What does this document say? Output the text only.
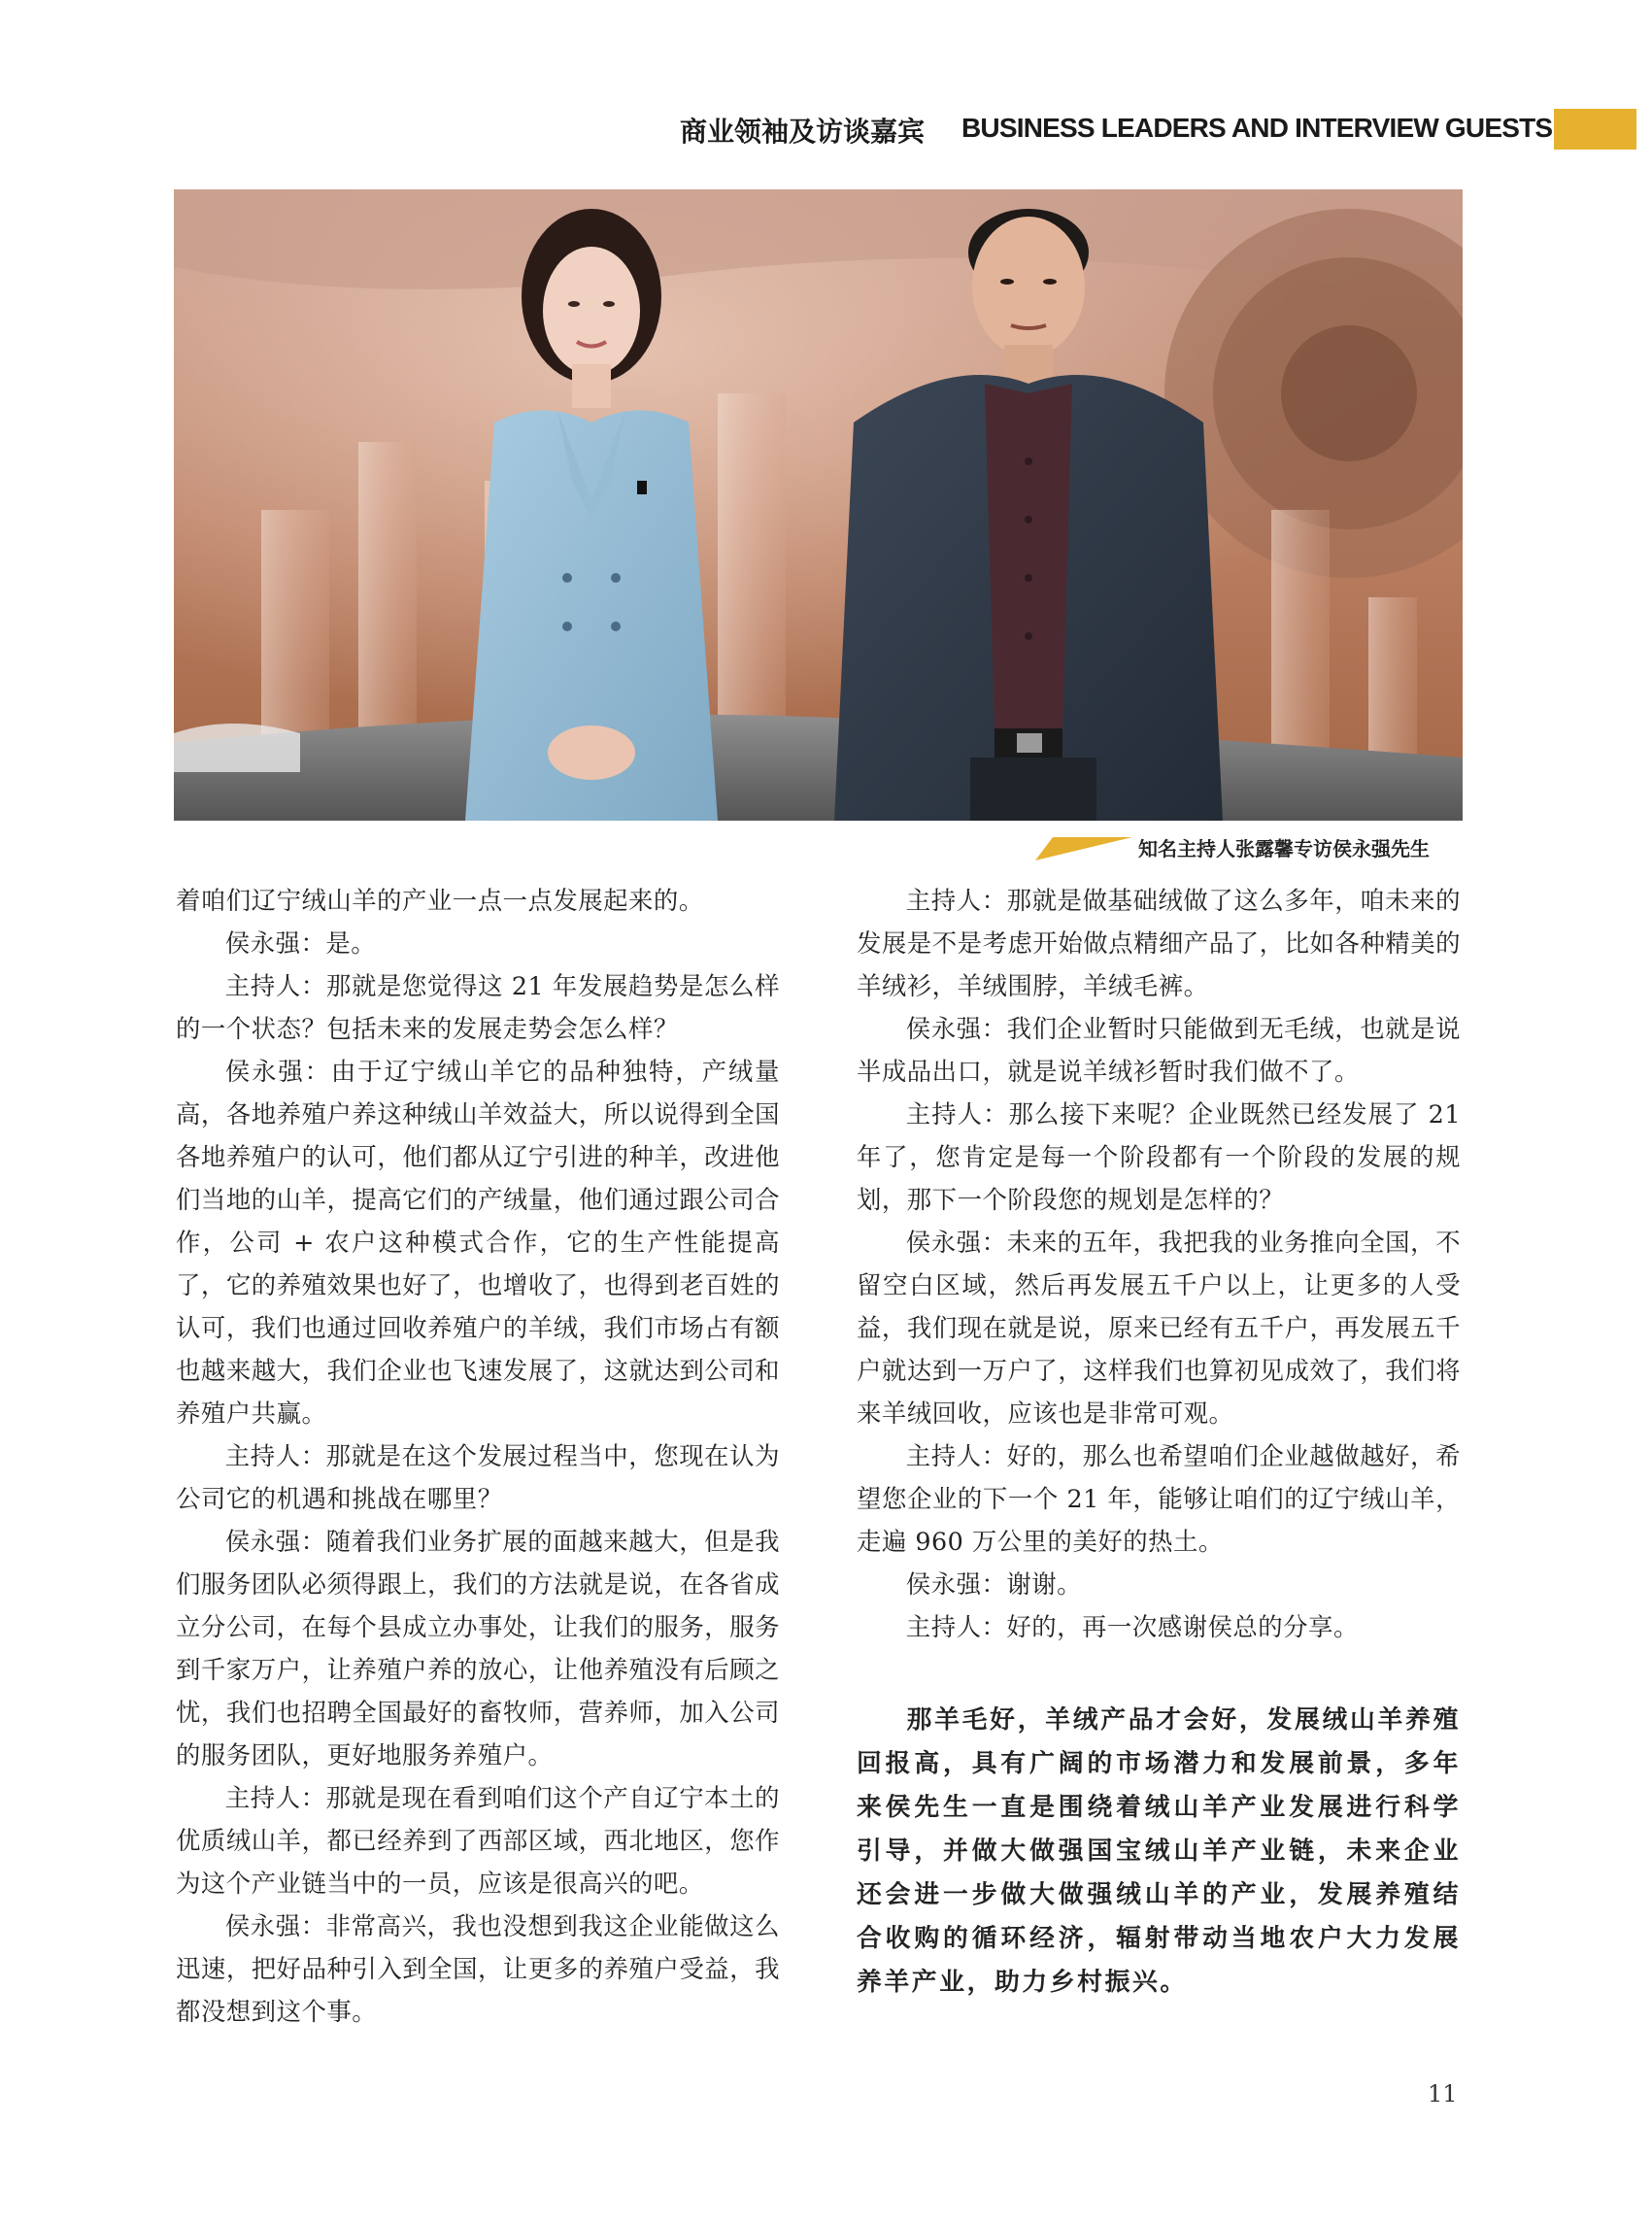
商业领袖及访谈嘉宾 BUSINESS LEADERS AND INTERVIEW GUESTS
知名主持人张露馨专访侯永强先生

着咱们辽宁绒山羊的产业一点一点发展起来的。

侯永强：是。

主持人：那就是您觉得这 21 年发展趋势是怎么样的一个状态？包括未来的发展走势会怎么样？

侯永强：由于辽宁绒山羊它的品种独特，产绒量高，各地养殖户养这种绒山羊效益大，所以说得到全国各地养殖户的认可，他们都从辽宁引进的种羊，改进他们当地的山羊，提高它们的产绒量，他们通过跟公司合作，公司 + 农户这种模式合作，它的生产性能提高了，它的养殖效果也好了，也增收了，也得到老百姓的认可，我们也通过回收养殖户的羊绒，我们市场占有额也越来越大，我们企业也飞速发展了，这就达到公司和养殖户共赢。

主持人：那就是在这个发展过程当中，您现在认为公司它的机遇和挑战在哪里？

侯永强：随着我们业务扩展的面越来越大，但是我们服务团队必须得跟上，我们的方法就是说，在各省成立分公司，在每个县成立办事处，让我们的服务，服务到千家万户，让养殖户养的放心，让他养殖没有后顾之忧，我们也招聘全国最好的畜牧师，营养师，加入公司的服务团队，更好地服务养殖户。

主持人：那就是现在看到咱们这个产自辽宁本土的优质绒山羊，都已经养到了西部区域，西北地区，您作为这个产业链当中的一员，应该是很高兴的吧。

侯永强：非常高兴，我也没想到我这企业能做这么迅速，把好品种引入到全国，让更多的养殖户受益，我都没想到这个事。

主持人：那就是做基础绒做了这么多年，咱未来的发展是不是考虑开始做点精细产品了，比如各种精美的羊绒衫，羊绒围脖，羊绒毛裤。

侯永强：我们企业暂时只能做到无毛绒，也就是说半成品出口，就是说羊绒衫暂时我们做不了。

主持人：那么接下来呢？企业既然已经发展了 21 年了，您肯定是每一个阶段都有一个阶段的发展的规划，那下一个阶段您的规划是怎样的？

侯永强：未来的五年，我把我的业务推向全国，不留空白区域，然后再发展五千户以上，让更多的人受益，我们现在就是说，原来已经有五千户，再发展五千户就达到一万户了，这样我们也算初见成效了，我们将来羊绒回收，应该也是非常可观。

主持人：好的，那么也希望咱们企业越做越好，希望您企业的下一个 21 年，能够让咱们的辽宁绒山羊，走遍 960 万公里的美好的热土。

侯永强：谢谢。

主持人：好的，再一次感谢侯总的分享。

那羊毛好，羊绒产品才会好，发展绒山羊养殖回报高，具有广阔的市场潜力和发展前景，多年来侯先生一直是围绕着绒山羊产业发展进行科学引导，并做大做强国宝绒山羊产业链，未来企业还会进一步做大做强绒山羊的产业，发展养殖结合收购的循环经济，辐射带动当地农户大力发展养羊产业，助力乡村振兴。

11
